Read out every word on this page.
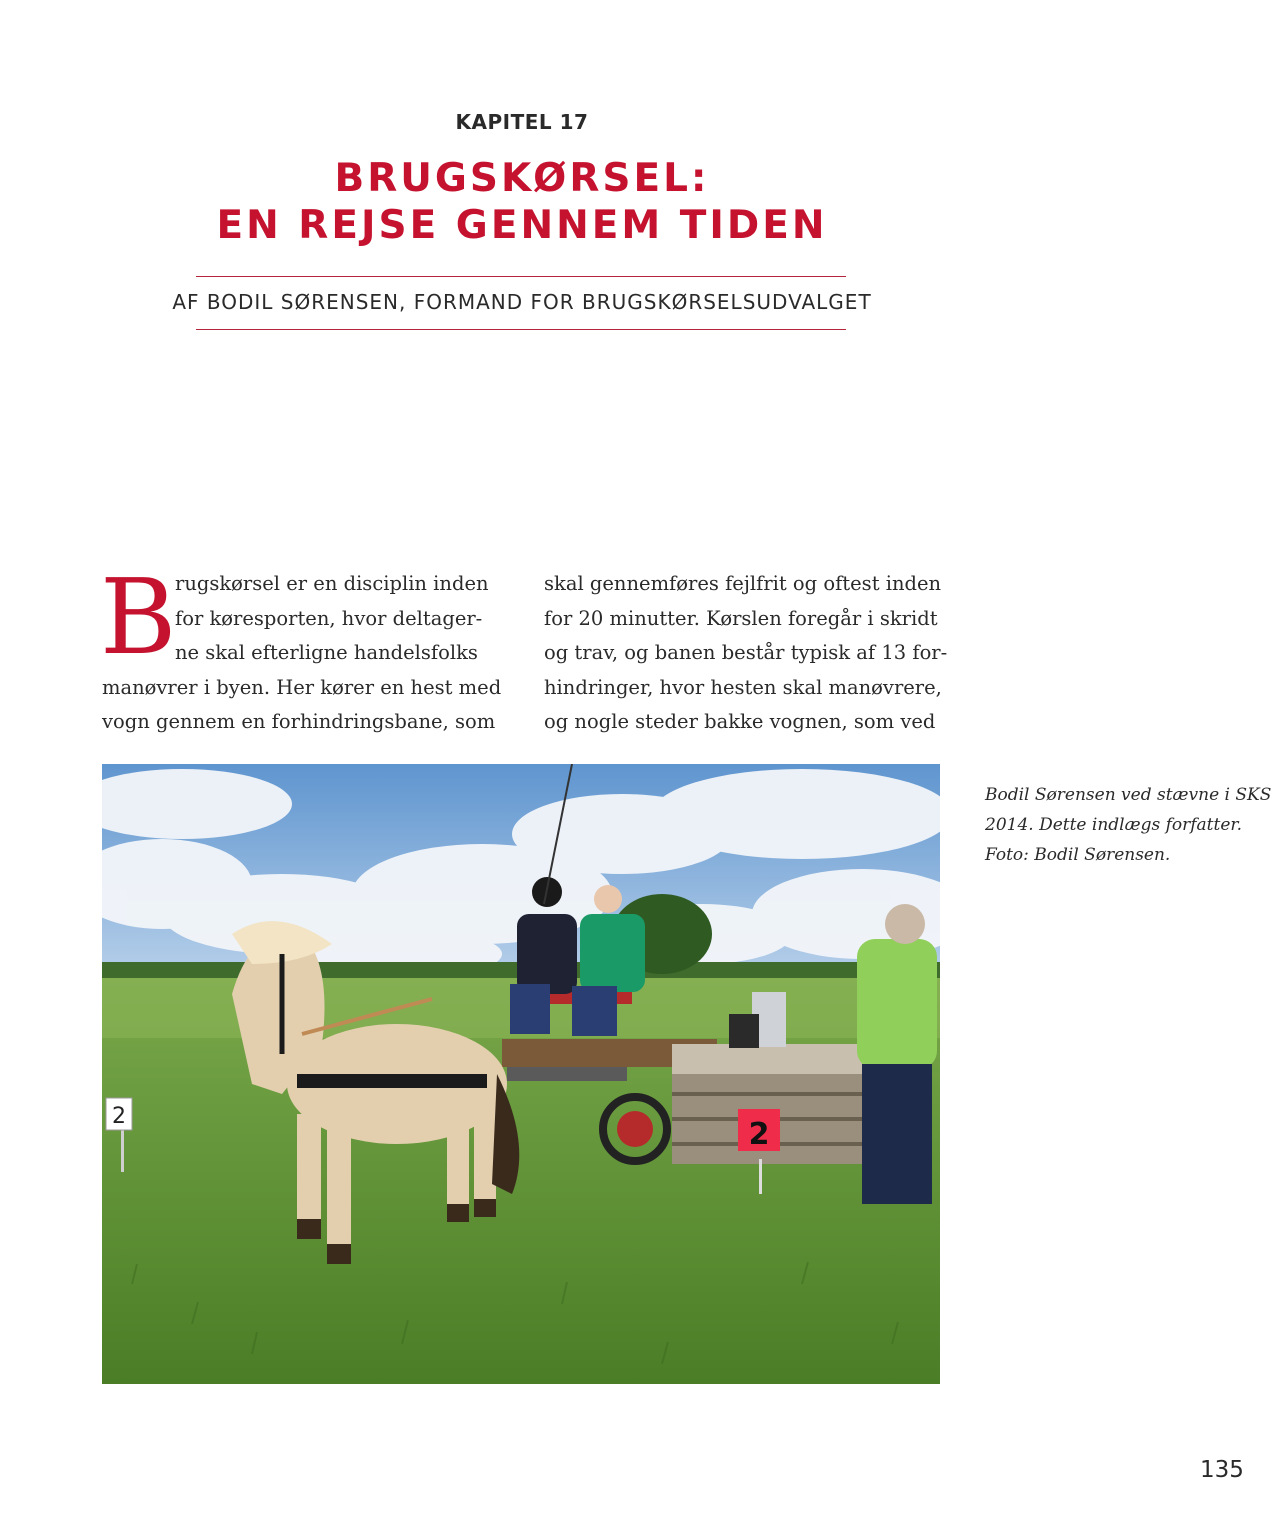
KAPITEL 17
BRUGSKØRSEL:
EN REJSE GENNEM TIDEN
AF BODIL SØRENSEN, FORMAND FOR BRUGSKØRSELSUDVALGET
B
rugskørsel er en disciplin inden
for køresporten, hvor deltager-
ne skal efterligne handelsfolks
manøvrer i byen. Her kører en hest med
vogn gennem en forhindringsbane, som
skal gennemføres fejlfrit og oftest inden
for 20 minutter. Kørslen foregår i skridt
og trav, og banen består typisk af 13 for-
hindringer, hvor hesten skal manøvrere,
og nogle steder bakke vognen, som ved
2
2
Bodil Sørensen ved stævne i SKS
2014. Dette indlægs forfatter.
Foto: Bodil Sørensen.
135
